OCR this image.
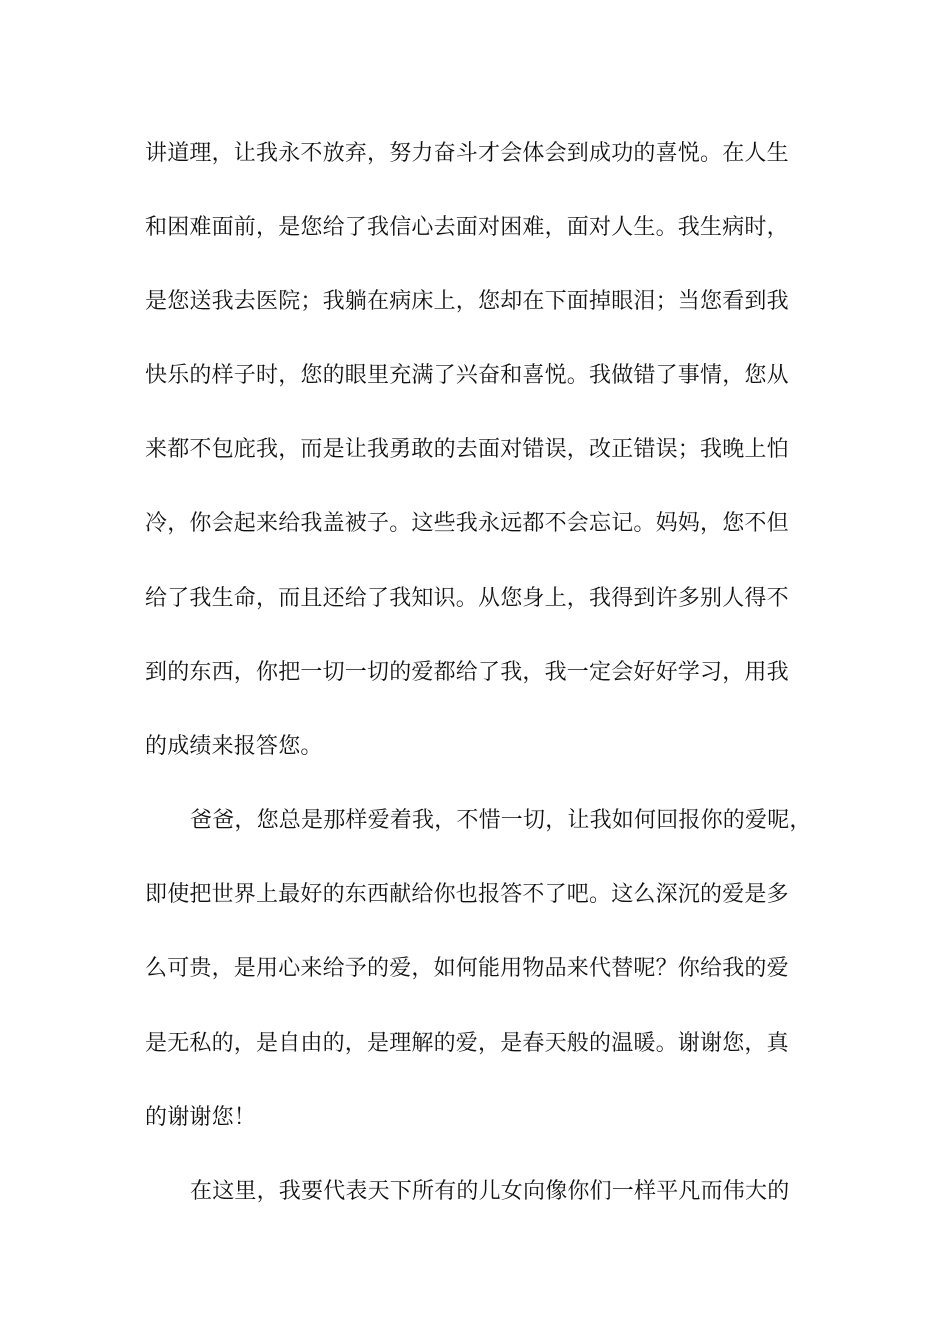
讲道理，让我永不放弃，努力奋斗才会体会到成功的喜悦。在人生
和困难面前，是您给了我信心去面对困难，面对人生。我生病时，
是您送我去医院；我躺在病床上，您却在下面掉眼泪；当您看到我
快乐的样子时，您的眼里充满了兴奋和喜悦。我做错了事情，您从
来都不包庇我，而是让我勇敢的去面对错误，改正错误；我晚上怕
冷，你会起来给我盖被子。这些我永远都不会忘记。妈妈，您不但
给了我生命，而且还给了我知识。从您身上，我得到许多别人得不
到的东西，你把一切一切的爱都给了我，我一定会好好学习，用我
的成绩来报答您。
爸爸，您总是那样爱着我，不惜一切，让我如何回报你的爱呢，
即使把世界上最好的东西献给你也报答不了吧。这么深沉的爱是多
么可贵，是用心来给予的爱，如何能用物品来代替呢？你给我的爱
是无私的，是自由的，是理解的爱，是春天般的温暖。谢谢您，真
的谢谢您！
在这里，我要代表天下所有的儿女向像你们一样平凡而伟大的
